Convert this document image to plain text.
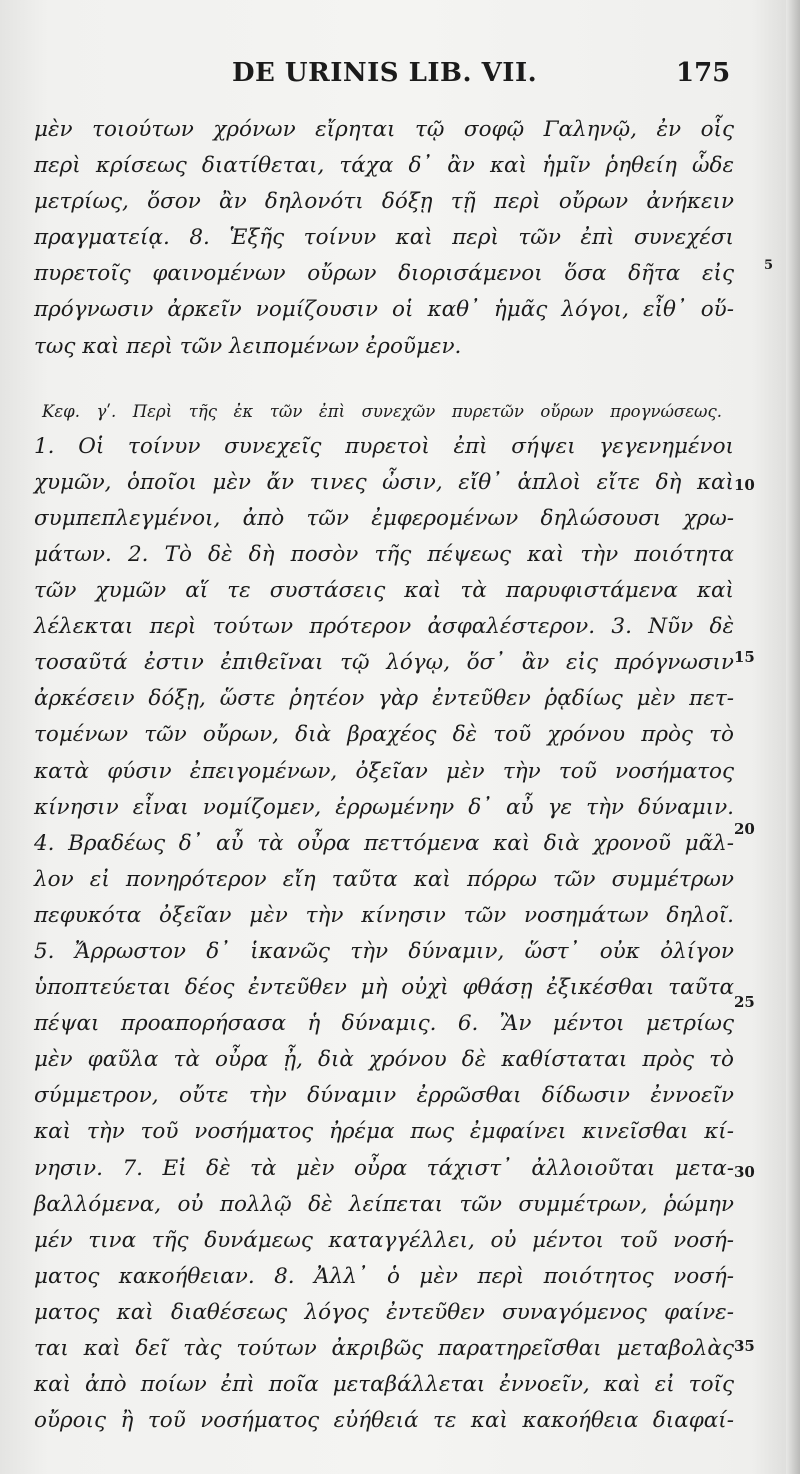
DE URINIS LIB. VII.	175
μὲν τοιούτων χρόνων εἴρηται τῷ σοφῷ Γαληνῷ, ἐν οἷς
περὶ κρίσεως διατίθεται, τάχα δ᾽ ἂν καὶ ἡμῖν ῥηθείη ὧδε
μετρίως, ὅσον ἂν δηλονότι δόξῃ τῇ περὶ οὔρων ἀνήκειν
πραγματείᾳ. 8. Ἑξῆς τοίνυν καὶ περὶ τῶν ἐπὶ συνεχέσι
πυρετοῖς φαινομένων οὔρων διορισάμενοι ὅσα δῆτα εἰς
πρόγνωσιν ἀρκεῖν νομίζουσιν οἱ καθ᾽ ἡμᾶς λόγοι, εἶθ᾽ οὕ-
τως καὶ περὶ τῶν λειπομένων ἐροῦμεν.
Κεφ. γʹ. Περὶ τῆς ἐκ τῶν ἐπὶ συνεχῶν πυρετῶν οὔρων προγνώσεως.
1. Οἱ τοίνυν συνεχεῖς πυρετοὶ ἐπὶ σήψει γεγενημένοι
χυμῶν, ὁποῖοι μὲν ἄν τινες ὦσιν, εἴθ᾽ ἁπλοὶ εἴτε δὴ καὶ
συμπεπλεγμένοι, ἀπὸ τῶν ἐμφερομένων δηλώσουσι χρω-
μάτων. 2. Τὸ δὲ δὴ ποσὸν τῆς πέψεως καὶ τὴν ποιότητα
τῶν χυμῶν αἵ τε συστάσεις καὶ τὰ παρυφιστάμενα καὶ
λέλεκται περὶ τούτων πρότερον ἀσφαλέστερον. 3. Νῦν δὲ
τοσαῦτά ἐστιν ἐπιθεῖναι τῷ λόγῳ, ὅσ᾽ ἂν εἰς πρόγνωσιν
ἀρκέσειν δόξῃ, ὥστε ῥητέον γὰρ ἐντεῦθεν ῥᾳδίως μὲν πετ-
τομένων τῶν οὔρων, διὰ βραχέος δὲ τοῦ χρόνου πρὸς τὸ
κατὰ φύσιν ἐπειγομένων, ὀξεῖαν μὲν τὴν τοῦ νοσήματος
κίνησιν εἶναι νομίζομεν, ἐρρωμένην δ᾽ αὖ γε τὴν δύναμιν.
4. Βραδέως δ᾽ αὖ τὰ οὖρα πεττόμενα καὶ διὰ χρονοῦ μᾶλ-
λον εἰ πονηρότερον εἴη ταῦτα καὶ πόρρω τῶν συμμέτρων
πεφυκότα ὀξεῖαν μὲν τὴν κίνησιν τῶν νοσημάτων δηλοῖ.
5. Ἄρρωστον δ᾽ ἱκανῶς τὴν δύναμιν, ὥστ᾽ οὐκ ὀλίγον
ὑποπτεύεται δέος ἐντεῦθεν μὴ οὐχὶ φθάσῃ ἐξικέσθαι ταῦτα
πέψαι προαπορήσασα ἡ δύναμις. 6. Ἂν μέντοι μετρίως
μὲν φαῦλα τὰ οὖρα ᾖ, διὰ χρόνου δὲ καθίσταται πρὸς τὸ
σύμμετρον, οὔτε τὴν δύναμιν ἐρρῶσθαι δίδωσιν ἐννοεῖν
καὶ τὴν τοῦ νοσήματος ἠρέμα πως ἐμφαίνει κινεῖσθαι κί-
νησιν. 7. Εἰ δὲ τὰ μὲν οὖρα τάχιστ᾽ ἀλλοιοῦται μετα-
βαλλόμενα, οὐ πολλῷ δὲ λείπεται τῶν συμμέτρων, ῥώμην
μέν τινα τῆς δυνάμεως καταγγέλλει, οὐ μέντοι τοῦ νοσή-
ματος κακοήθειαν. 8. Ἀλλ᾽ ὁ μὲν περὶ ποιότητος νοσή-
ματος καὶ διαθέσεως λόγος ἐντεῦθεν συναγόμενος φαίνε-
ται καὶ δεῖ τὰς τούτων ἀκριβῶς παρατηρεῖσθαι μεταβολὰς
καὶ ἀπὸ ποίων ἐπὶ ποῖα μεταβάλλεται ἐννοεῖν, καὶ εἰ τοῖς
οὔροις ἢ τοῦ νοσήματος εὐήθειά τε καὶ κακοήθεια διαφαί-
5
10
15
20
25
30
35
